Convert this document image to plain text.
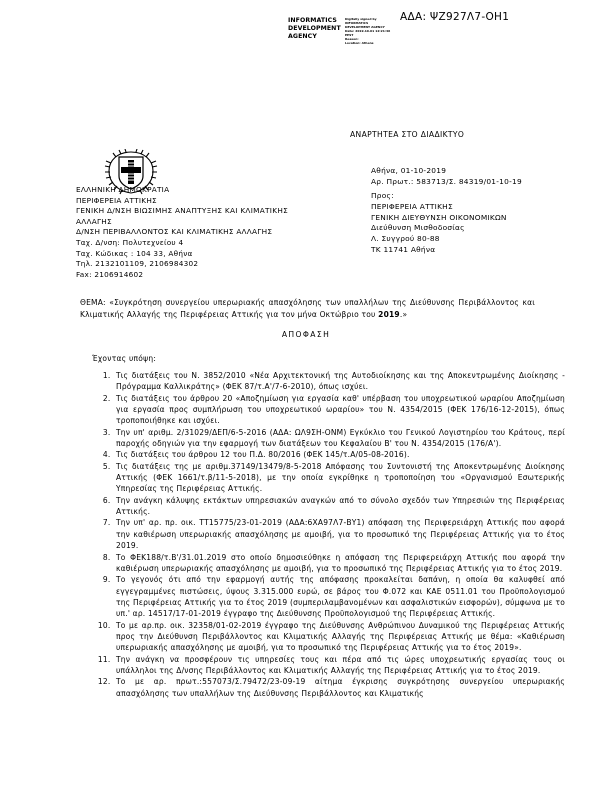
ΑΔΑ: ΨΖ927Λ7-ΟΗ1
INFORMATICS DEVELOPMENT AGENCY
Digitally signed by
INFORMATICS
DEVELOPMENT AGENCY
Date: 2019.10.01 12:21:46
EEST
Reason:
Location: Athens
ΑΝΑΡΤΗΤΕΑ ΣΤΟ ΔΙΑΔΙΚΤΥΟ
ΕΛΛΗΝΙΚΗ ΔΗΜΟΚΡΑΤΙΑ
ΠΕΡΙΦΕΡΕΙΑ ΑΤΤΙΚΗΣ
ΓΕΝΙΚΗ Δ/ΝΣΗ ΒΙΩΣΙΜΗΣ ΑΝΑΠΤΥΞΗΣ ΚΑΙ ΚΛΙΜΑΤΙΚΗΣ
ΑΛΛΑΓΗΣ
Δ/ΝΣΗ ΠΕΡΙΒΑΛΛΟΝΤΟΣ ΚΑΙ ΚΛΙΜΑΤΙΚΗΣ ΑΛΛΑΓΗΣ
Ταχ. Δ/νση: Πολυτεχνείου 4
Ταχ. Κώδικας : 104 33, Αθήνα
Τηλ. 2132101109, 2106984302
Fax: 2106914602
Αθήνα, 01-10-2019
Αρ. Πρωτ.: 583713/Σ. 84319/01-10-19
Προς:
ΠΕΡΙΦΕΡΕΙΑ ΑΤΤΙΚΗΣ
ΓΕΝΙΚΗ ΔΙΕΥΘΥΝΣΗ ΟΙΚΟΝΟΜΙΚΩΝ
Διεύθυνση Μισθοδοσίας
Λ. Συγγρού 80-88
ΤΚ 11741 Αθήνα
ΘΕΜΑ: «Συγκρότηση συνεργείου υπερωριακής απασχόλησης των υπαλλήλων της Διεύθυνσης Περιβάλλοντος και Κλιματικής Αλλαγής της Περιφέρειας Αττικής για τον μήνα Οκτώβριο του 2019.»
ΑΠΟΦΑΣΗ
Έχοντας υπόψη:
1. Τις διατάξεις του Ν. 3852/2010 «Νέα Αρχιτεκτονική της Αυτοδιοίκησης και της Αποκεντρωμένης Διοίκησης - Πρόγραμμα Καλλικράτης» (ΦΕΚ 87/τ.Α'/7-6-2010), όπως ισχύει.
2. Τις διατάξεις του άρθρου 20 «Αποζημίωση για εργασία καθ' υπέρβαση του υποχρεωτικού ωραρίου Αποζημίωση για εργασία προς συμπλήρωση του υποχρεωτικού ωραρίου» του Ν. 4354/2015 (ΦΕΚ 176/16-12-2015), όπως τροποποιήθηκε και ισχύει.
3. Την υπ' αριθμ. 2/31029/ΔΕΠ/6-5-2016 (ΑΔΑ: ΩΛ9ΣΗ-ΟΝΜ) Εγκύκλιο του Γενικού Λογιστηρίου του Κράτους, περί παροχής οδηγιών για την εφαρμογή των διατάξεων του Κεφαλαίου Β' του Ν. 4354/2015 (176/Α').
4. Τις διατάξεις του άρθρου 12 του Π.Δ. 80/2016 (ΦΕΚ 145/τ.Α/05-08-2016).
5. Τις διατάξεις της με αριθμ.37149/13479/8-5-2018 Απόφασης του Συντονιστή της Αποκεντρωμένης Διοίκησης Αττικής (ΦΕΚ 1661/τ.β/11-5-2018), με την οποία εγκρίθηκε η τροποποίηση του «Οργανισμού Εσωτερικής Υπηρεσίας της Περιφέρειας Αττικής.
6. Την ανάγκη κάλυψης εκτάκτων υπηρεσιακών αναγκών από το σύνολο σχεδόν των Υπηρεσιών της Περιφέρειας Αττικής.
7. Την υπ' αρ. πρ. οικ. ΤΤ15775/23-01-2019 (ΑΔΑ:6ΧΑ97Λ7-ΒΥ1) απόφαση της Περιφερειάρχη Αττικής που αφορά την καθιέρωση υπερωριακής απασχόλησης με αμοιβή, για το προσωπικό της Περιφέρειας Αττικής για το έτος 2019.
8. Το ΦΕΚ188/τ.Β'/31.01.2019 στο οποίο δημοσιεύθηκε η απόφαση της Περιφερειάρχη Αττικής που αφορά την καθιέρωση υπερωριακής απασχόλησης με αμοιβή, για το προσωπικό της Περιφέρειας Αττικής για το έτος 2019.
9. Το γεγονός ότι από την εφαρμογή αυτής της απόφασης προκαλείται δαπάνη, η οποία θα καλυφθεί από εγγεγραμμένες πιστώσεις, ύψους 3.315.000 ευρώ, σε βάρος του Φ.072 και ΚΑΕ 0511.01 του Προϋπολογισμού της Περιφέρειας Αττικής για το έτος 2019 (συμπεριλαμβανομένων και ασφαλιστικών εισφορών), σύμφωνα με το υπ.' αρ. 14517/17-01-2019 έγγραφο της Διεύθυνσης Προϋπολογισμού της Περιφέρειας Αττικής.
10. Το με αρ.πρ. οικ. 32358/01-02-2019 έγγραφο της Διεύθυνσης Ανθρώπινου Δυναμικού της Περιφέρειας Αττικής προς την Διεύθυνση Περιβάλλοντος και Κλιματικής Αλλαγής της Περιφέρειας Αττικής με θέμα: «Καθιέρωση υπερωριακής απασχόλησης με αμοιβή, για το προσωπικό της Περιφέρειας Αττικής για το έτος 2019».
11. Την ανάγκη να προσφέρουν τις υπηρεσίες τους και πέρα από τις ώρες υποχρεωτικής εργασίας τους οι υπάλληλοι της Δ/νσης Περιβάλλοντος και Κλιματικής Αλλαγής της Περιφέρειας Αττικής για το έτος 2019.
12. Το με αρ. πρωτ.:557073/Σ.79472/23-09-19 αίτημα έγκρισης συγκρότησης συνεργείου υπερωριακής απασχόλησης των υπαλλήλων της Διεύθυνσης Περιβάλλοντος και Κλιματικής
